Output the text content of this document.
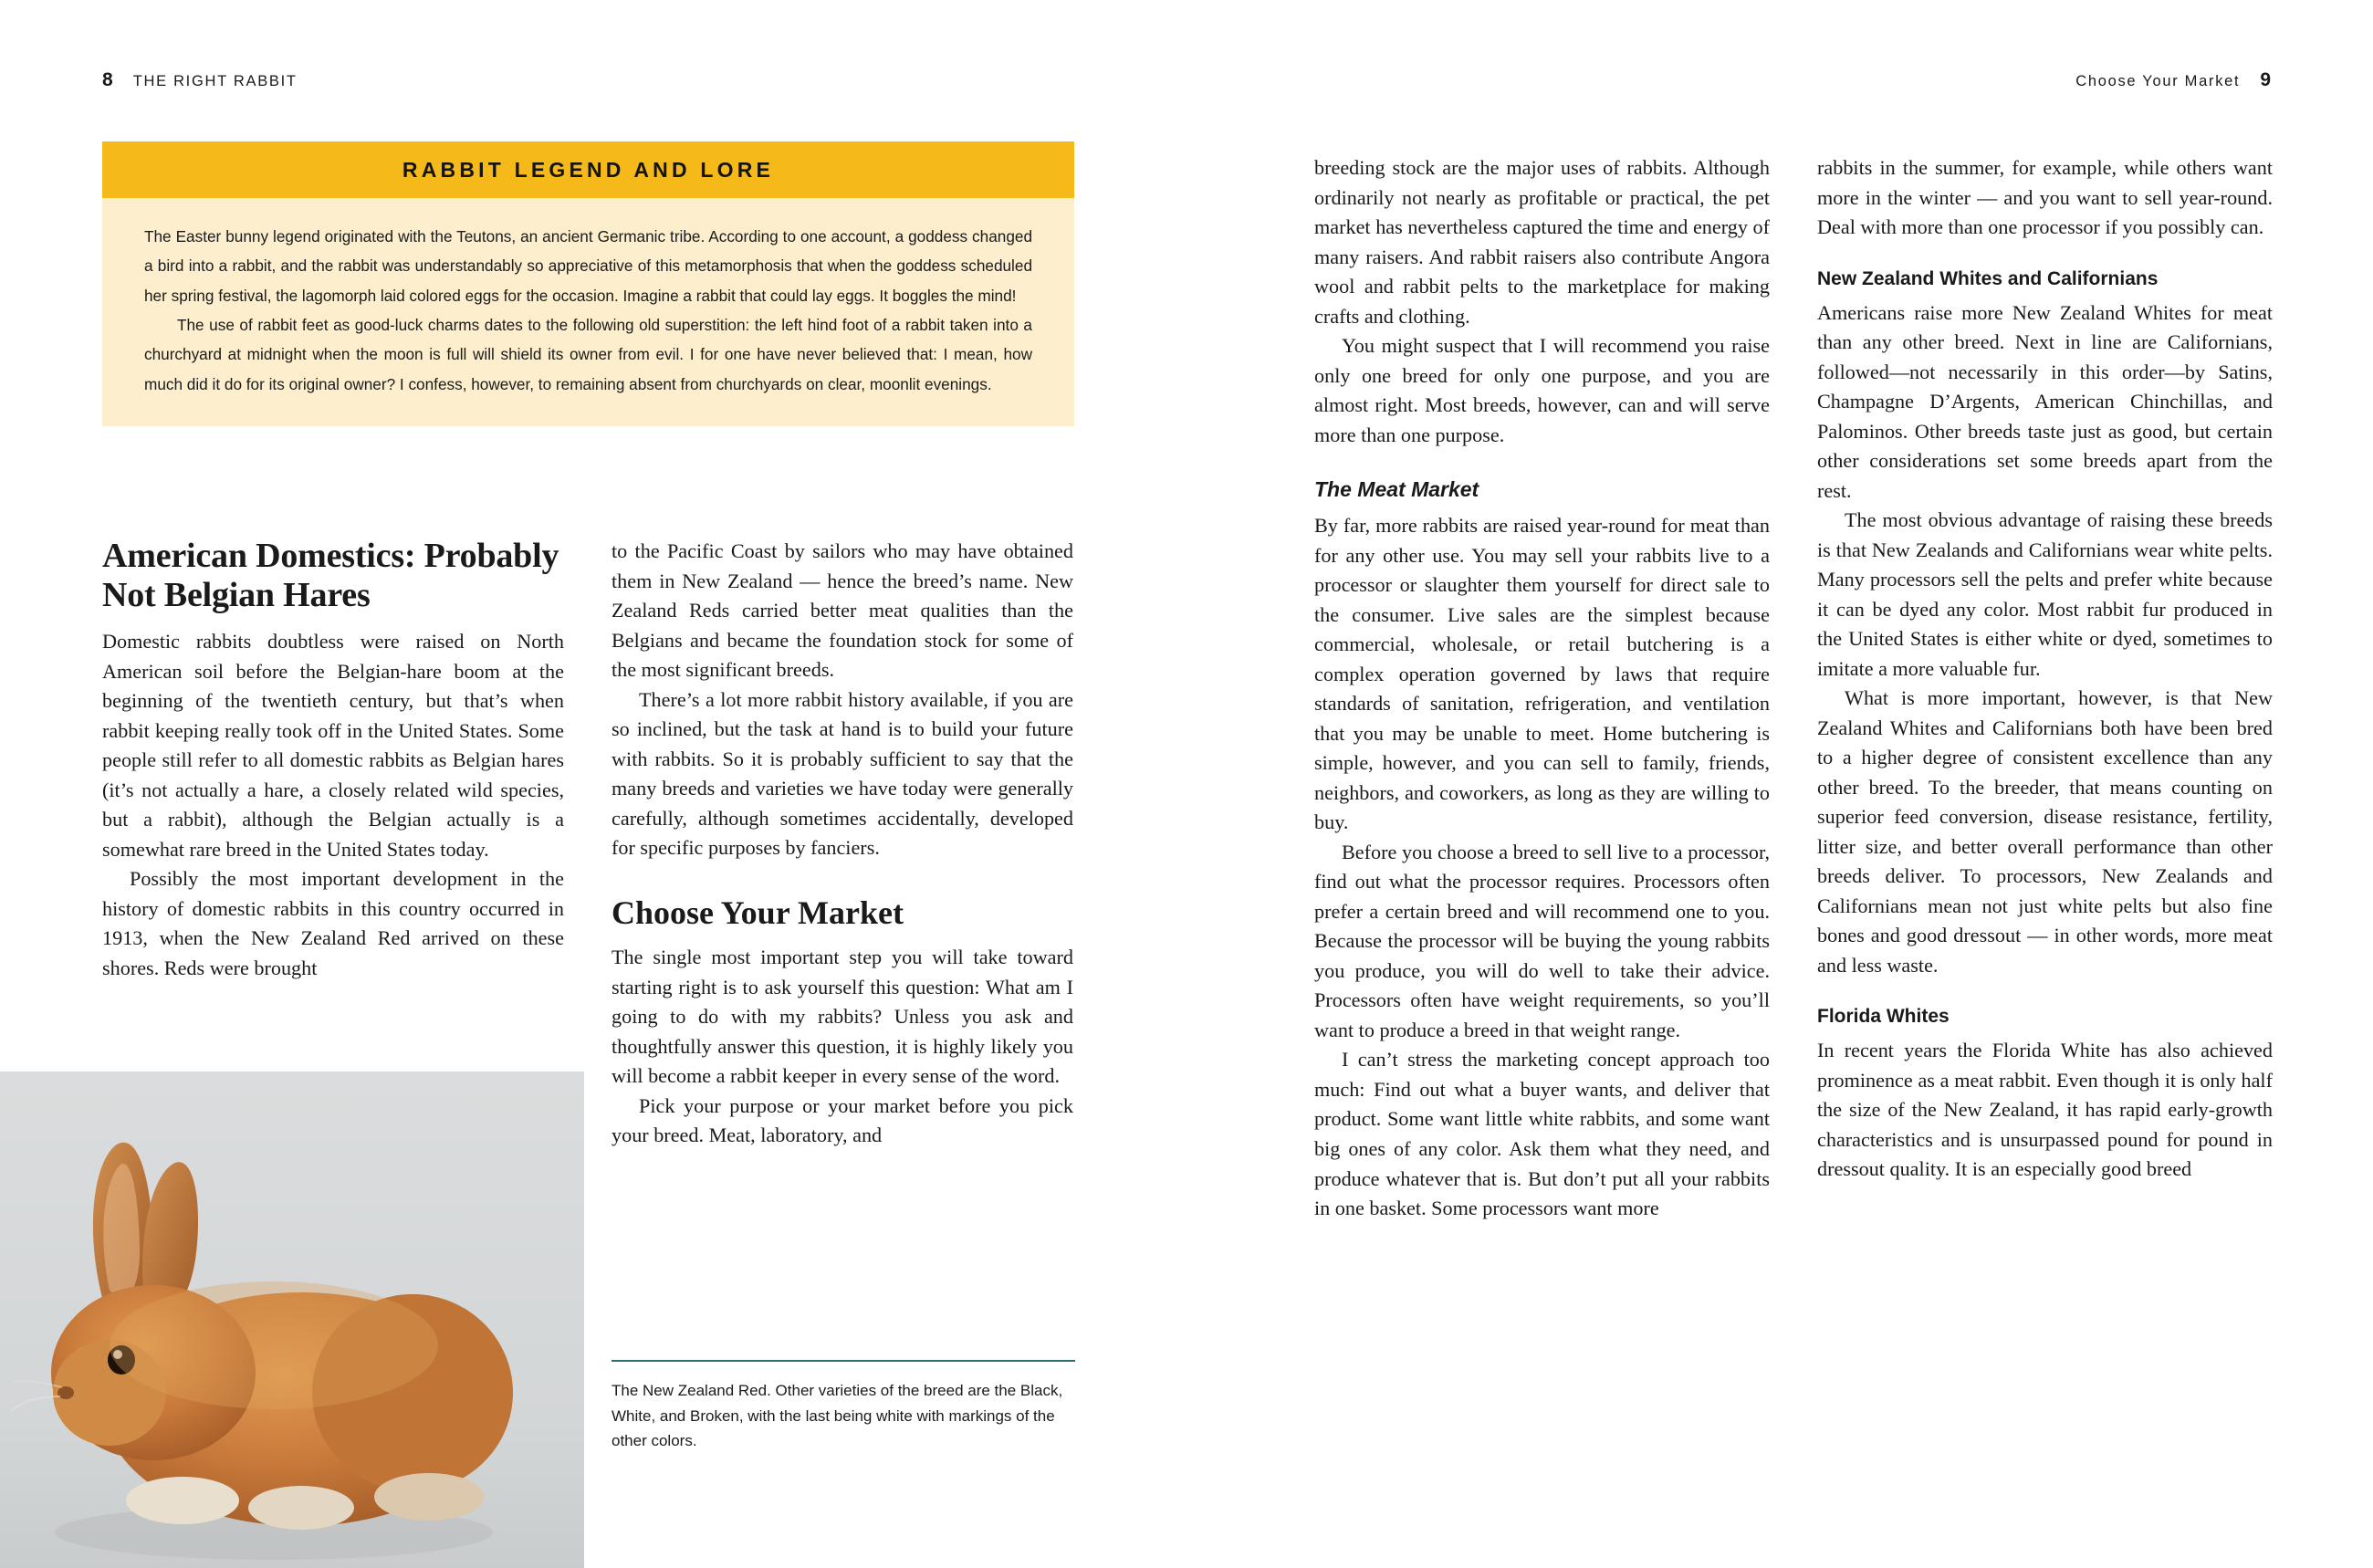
8 THE RIGHT RABBIT
RABBIT LEGEND AND LORE

The Easter bunny legend originated with the Teutons, an ancient Germanic tribe. According to one account, a goddess changed a bird into a rabbit, and the rabbit was understandably so appreciative of this metamorphosis that when the goddess scheduled her spring festival, the lagomorph laid colored eggs for the occasion. Imagine a rabbit that could lay eggs. It boggles the mind!

The use of rabbit feet as good-luck charms dates to the following old superstition: the left hind foot of a rabbit taken into a churchyard at midnight when the moon is full will shield its owner from evil. I for one have never believed that: I mean, how much did it do for its original owner? I confess, however, to remaining absent from churchyards on clear, moonlit evenings.

American Domestics: Probably Not Belgian Hares

Domestic rabbits doubtless were raised on North American soil before the Belgian-hare boom at the beginning of the twentieth century, but that’s when rabbit keeping really took off in the United States. Some people still refer to all domestic rabbits as Belgian hares (it’s not actually a hare, a closely related wild species, but a rabbit), although the Belgian actually is a somewhat rare breed in the United States today.

Possibly the most important development in the history of domestic rabbits in this country occurred in 1913, when the New Zealand Red arrived on these shores. Reds were brought

to the Pacific Coast by sailors who may have obtained them in New Zealand — hence the breed’s name. New Zealand Reds carried better meat qualities than the Belgians and became the foundation stock for some of the most significant breeds.

There’s a lot more rabbit history available, if you are so inclined, but the task at hand is to build your future with rabbits. So it is probably sufficient to say that the many breeds and varieties we have today were generally carefully, although sometimes accidentally, developed for specific purposes by fanciers.

Choose Your Market

The single most important step you will take toward starting right is to ask yourself this question: What am I going to do with my rabbits? Unless you ask and thoughtfully answer this question, it is highly likely you will become a rabbit keeper in every sense of the word.

Pick your purpose or your market before you pick your breed. Meat, laboratory, and

The New Zealand Red. Other varieties of the breed are the Black, White, and Broken, with the last being white with markings of the other colors.

Choose Your Market 9

breeding stock are the major uses of rabbits. Although ordinarily not nearly as profitable or practical, the pet market has nevertheless captured the time and energy of many raisers. And rabbit raisers also contribute Angora wool and rabbit pelts to the marketplace for making crafts and clothing.

You might suspect that I will recommend you raise only one breed for only one purpose, and you are almost right. Most breeds, however, can and will serve more than one purpose.

The Meat Market

By far, more rabbits are raised year-round for meat than for any other use. You may sell your rabbits live to a processor or slaughter them yourself for direct sale to the consumer. Live sales are the simplest because commercial, wholesale, or retail butchering is a complex operation governed by laws that require standards of sanitation, refrigeration, and ventilation that you may be unable to meet. Home butchering is simple, however, and you can sell to family, friends, neighbors, and coworkers, as long as they are willing to buy.

Before you choose a breed to sell live to a processor, find out what the processor requires. Processors often prefer a certain breed and will recommend one to you. Because the processor will be buying the young rabbits you produce, you will do well to take their advice. Processors often have weight requirements, so you’ll want to produce a breed in that weight range.

I can’t stress the marketing concept approach too much: Find out what a buyer wants, and deliver that product. Some want little white rabbits, and some want big ones of any color. Ask them what they need, and produce whatever that is. But don’t put all your rabbits in one basket. Some processors want more

rabbits in the summer, for example, while others want more in the winter — and you want to sell year-round. Deal with more than one processor if you possibly can.

New Zealand Whites and Californians

Americans raise more New Zealand Whites for meat than any other breed. Next in line are Californians, followed—not necessarily in this order—by Satins, Champagne D’Argents, American Chinchillas, and Palominos. Other breeds taste just as good, but certain other considerations set some breeds apart from the rest.

The most obvious advantage of raising these breeds is that New Zealands and Californians wear white pelts. Many processors sell the pelts and prefer white because it can be dyed any color. Most rabbit fur produced in the United States is either white or dyed, sometimes to imitate a more valuable fur.

What is more important, however, is that New Zealand Whites and Californians both have been bred to a higher degree of consistent excellence than any other breed. To the breeder, that means counting on superior feed conversion, disease resistance, fertility, litter size, and better overall performance than other breeds deliver. To processors, New Zealands and Californians mean not just white pelts but also fine bones and good dressout — in other words, more meat and less waste.

Florida Whites

In recent years the Florida White has also achieved prominence as a meat rabbit. Even though it is only half the size of the New Zealand, it has rapid early-growth characteristics and is unsurpassed pound for pound in dressout quality. It is an especially good breed
